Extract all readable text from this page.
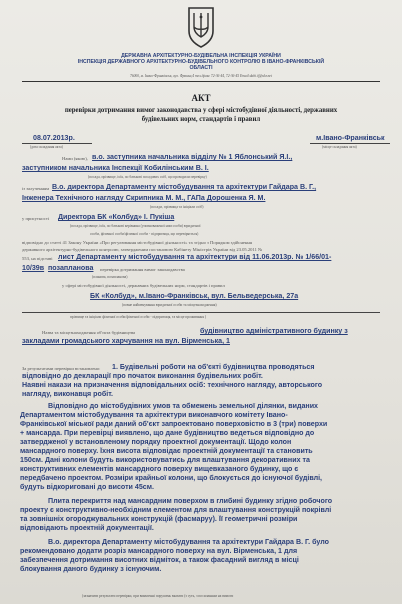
ДЕРЖАВНА АРХІТЕКТУРНО-БУДІВЕЛЬНА ІНСПЕКЦІЯ УКРАЇНИ
ІНСПЕКЦІЯ ДЕРЖАВНОГО АРХІТЕКТУРНО-БУДІВЕЛЬНОГО КОНТРОЛЮ В ІВАНО-ФРАНКІВСЬКІЙ
ОБЛАСТІ
76000, м. Івано-Франківськ, вул. Франка,4 тел./факс 72-36-44, 72-36-45 Email:dabi.if@ukr.net
АКТ
перевірки дотримання вимог законодавства у сфері містобудівної діяльності, державних
будівельних норм, стандартів і правил
08.07.2013р.
(дата складання акта)
м.Івано-Франківськ
(місце складання акта)
Нами (якою), в.о. заступника начальника відділу № 1 Яблонський Я.І.,
заступником начальника Інспекції Кобилінським В. І.
(посада, прізвище, ім'я, по батькові посадових осіб, що проводили перевірку)
із залученням В.о. директора Департаменту містобудування та архітектури Гайдара В. Г.,
Інженера Технічного нагляду Скрипника М. М., ГАПа Дорошенка Я. М.
(посади, прізвища та ініціали осіб)
у присутності Директора БК «Колбуд» І. Пукіша
(посада, прізвище, ім'я, по батькові керівника (уповноваженої ним особи) юридичної
особи, фізичної особи/фізичної особи - підприємця, що перевіряється)
відповідно до статті 41 Закону України «Про регулювання містобудівної діяльності» та згідно з Порядком здійснення
державного архітектурно-будівельного контролю, затвердженим постановою Кабінету Міністрів України від 23.05.2011 №
553, на підставі лист Департаменту містобудування та архітектури від 11.06.2013р. № 1/66/01-
10/39в позапланова перевірка дотримання вимог законодавства
(планова, позапланова)
у сфері містобудівної діяльності, державних будівельних норм, стандартів і правил
БК «Колбуд», м.Івано-Франківськ, вул. Бельведерська, 27а
(повне найменування юридичної особи та місцезнаходження)
прізвище та ініціали фізичної особи/фізичної особи - підприємця, та місце проживання )
Назва та місцезнаходження об'єкта будівництва	будівництво адміністративного будинку з
закладами громадського харчування на вул. Вірменська, 1
За результатами перевірки встановлено: 1. Будівельні роботи на об'єкті будівництва проводяться
відповідно до декларації про початок виконання будівельних робіт.
Наявні накази на призначення відповідальних осіб: технічного нагляду, авторського
нагляду, виконавця робіт.
Відповідно до містобудівних умов та обмежень земельної ділянки, виданих
Департаментом містобудування та архітектури виконавчого комітету Івано-
Франківської міської ради даний об'єкт запроектовано поверховістю в 3 (три) поверхи
+ мансарда. При перевірці виявлено, що дане будівництво ведеться відповідно до
затвердженої у встановленому порядку проектної документації. Щодо колон
мансардного поверху. Їхня висота відповідає проектній документації та становить
150см. Дані колони будуть використовуватись для влаштування декоративних та
конструктивних елементів мансардного поверху вищевказаного будинку, що є
передбачено проектом. Розміри крайньої колони, що блокується до існуючої будівлі,
будуть відкориговані до висоти 45см.
Плита перекриття над мансардним поверхом в глибині будинку згідно робочого
проекту є конструктивно-необхідним елементом для влаштування конструкцій покрівлі
та зовнішніх огороджувальних конструкцій (фасмаруу). Її геометричні розміри
відповідають проектній документації.
В.о. директора Департаменту містобудування та архітектури Гайдара В. Г. було
рекомендовано додати розріз мансардного поверху на вул. Вірменська, 1 для
забезпечення дотримання висотних відміток, а також фасадний вигляд в місці
блокування даного будинку з існуючим.
(зазначити результати перевірки, при виявленні порушень вказати (з суть, з посиланням на вимоги
